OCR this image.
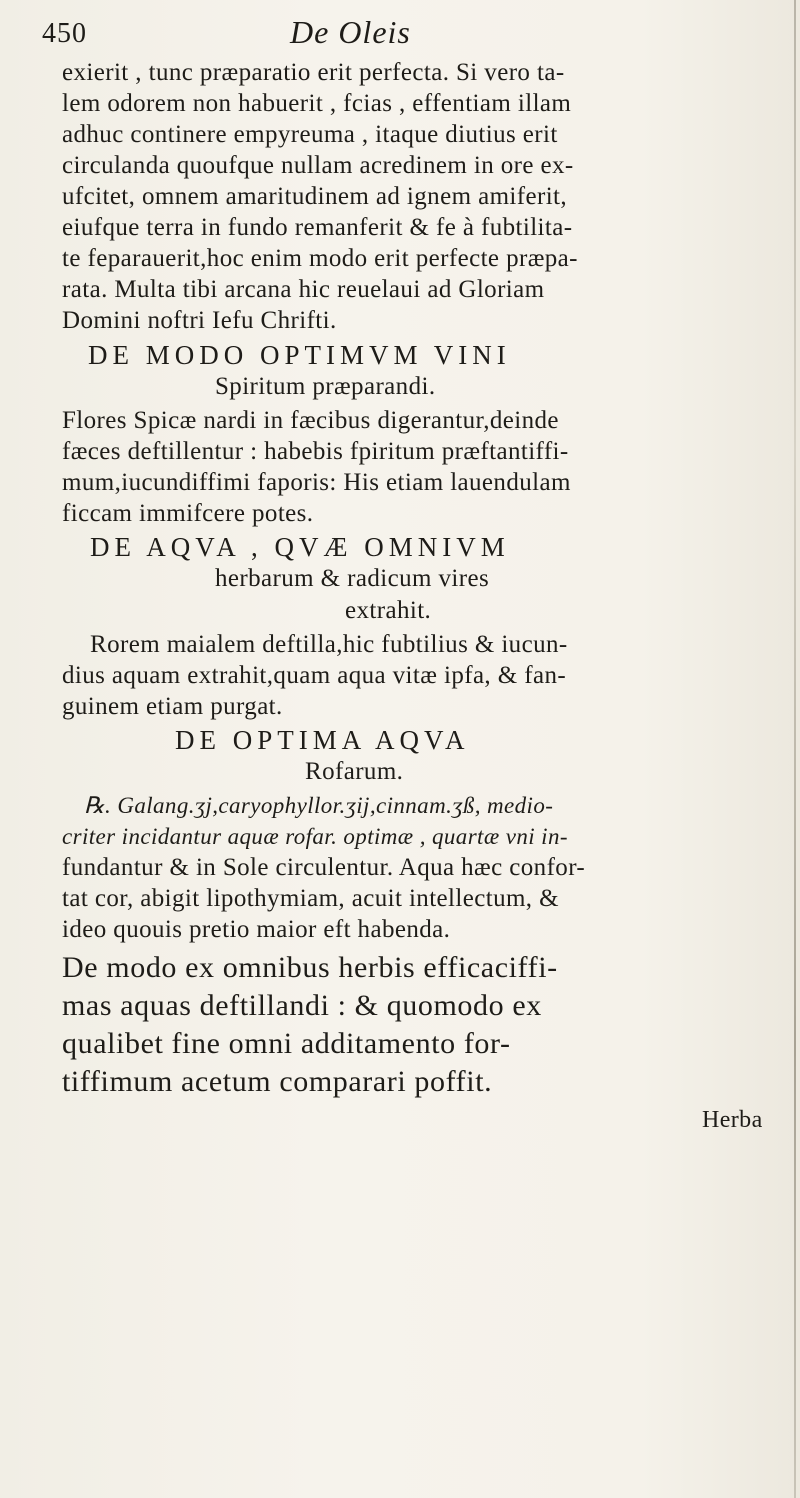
450	De Oleis
exierit , tunc præparatio erit perfecta. Si vero ta-
lem odorem non habuerit , fcias , effentiam illam
adhuc continere empyreuma , itaque diutius erit
circulanda quoufque nullam acredinem in ore ex-
ufcitet, omnem amaritudinem ad ignem amiferit,
eiufque terra in fundo remanferit & fe à fubtilita-
te feparauerit,hoc enim modo erit perfecte præpa-
rata. Multa tibi arcana hic reuelaui ad Gloriam
Domini noftri Iefu Chrifti.
DE MODO OPTIMVM VINI
Spiritum præparandi.
Flores Spicæ nardi in fæcibus digerantur,deinde
fæces deftillentur : habebis fpiritum præftantiffi-
mum,iucundiffimi faporis: His etiam lauendulam
ficcam immifcere potes.
DE AQVA , QVÆ OMNIVM
herbarum & radicum vires
extrahit.
Rorem maialem deftilla,hic fubtilius & iucun-
dius aquam extrahit,quam aqua vitæ ipfa, & fan-
guinem etiam purgat.
DE OPTIMA AQVA
Rofarum.
℞. Galang.ʒj,caryophyllor.ʒij,cinnam.ʒß, medio-
criter incidantur aquæ rofar. optimæ , quartæ vni in-
fundantur & in Sole circulentur. Aqua hæc confor-
tat cor, abigit lipothymiam, acuit intellectum, &
ideo quouis pretio maior eft habenda.
De modo ex omnibus herbis efficaciffi-
mas aquas deftillandi : & quomodo ex
qualibet fine omni additamento for-
tiffimum acetum comparari poffit.
Herba
